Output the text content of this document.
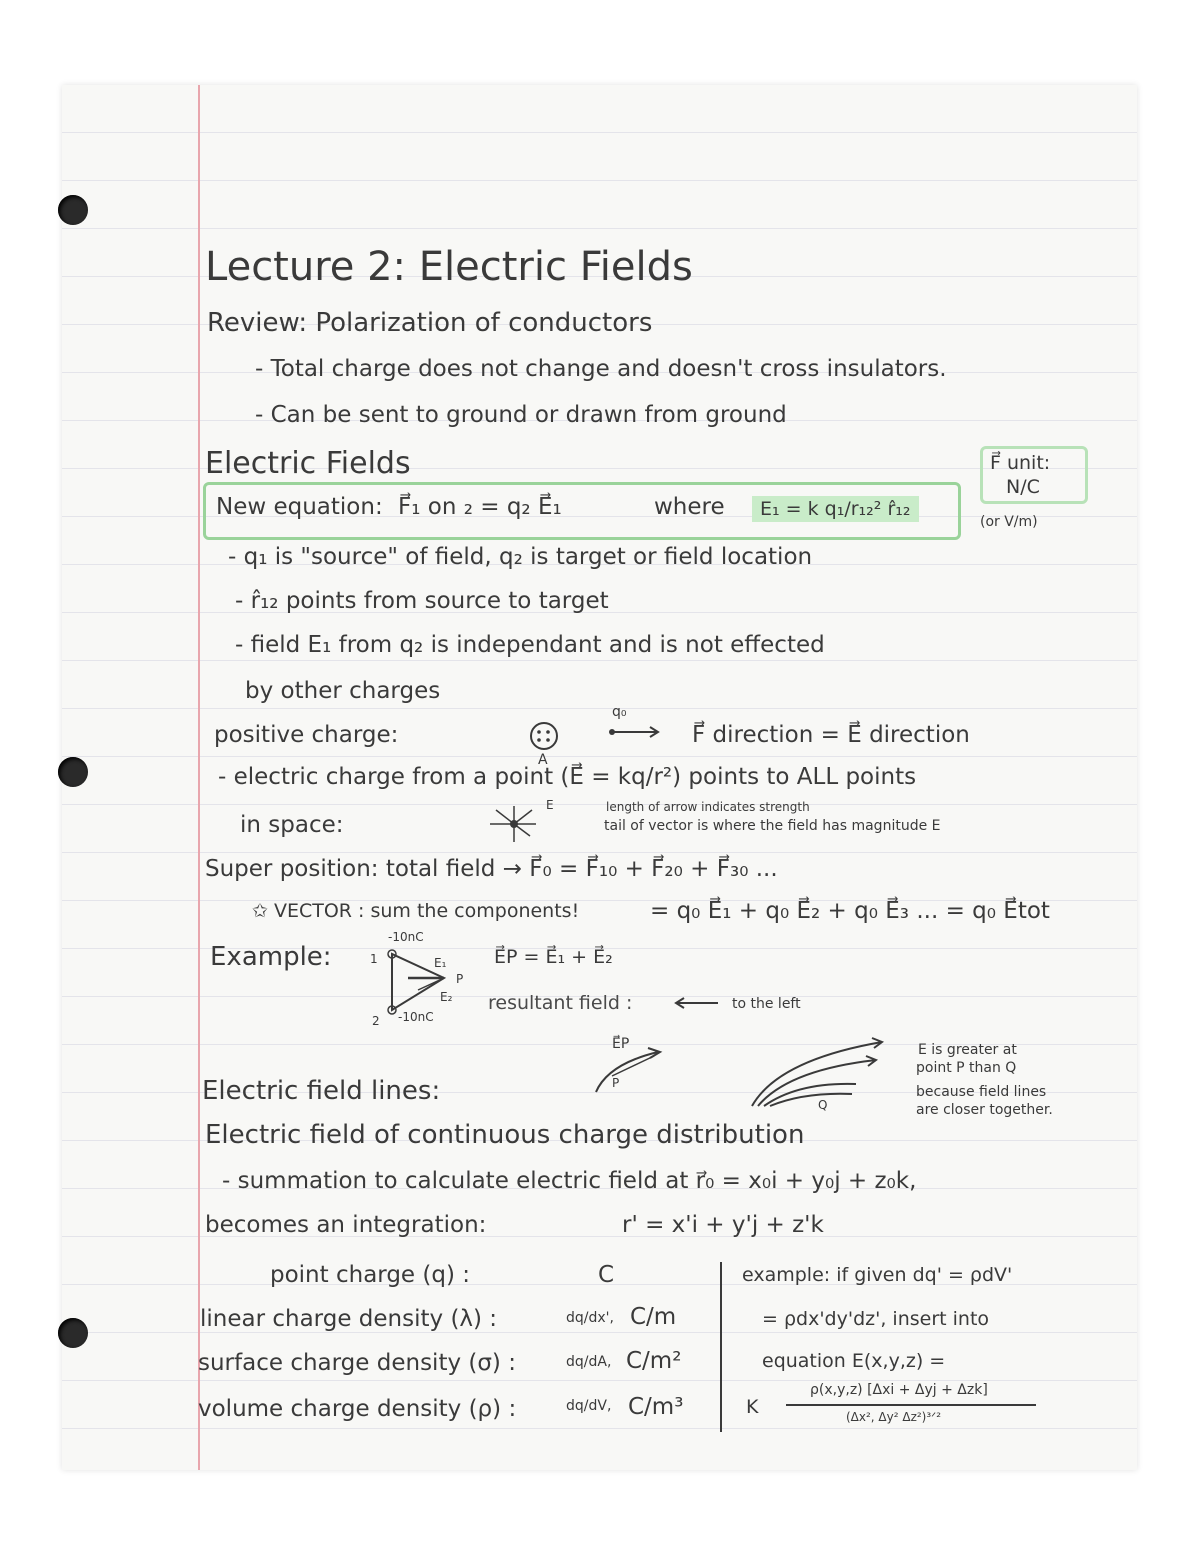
Lecture 2: Electric Fields
Review: Polarization of conductors
- Total charge does not change and doesn't cross insulators.
- Can be sent to ground or drawn from ground
Electric Fields
New equation: F⃗₁ on ₂ = q₂ E⃗₁	where	E₁ = k q₁/r₁₂² r̂₁₂
F⃗ unit:
N/C
(or V/m)
- q₁ is "source" of field, q₂ is target or field location
- r̂₁₂ points from source to target
- field E₁ from q₂ is independant and is not effected
by other charges
positive charge:
A
q₀
F⃗ direction = E⃗ direction
- electric charge from a point (E⃗ = kq/r²) points to ALL points
in space:
E	length of arrow indicates strength
tail of vector is where the field has magnitude E
Super position: total field → F⃗₀ = F⃗₁₀ + F⃗₂₀ + F⃗₃₀ ...
✩ VECTOR : sum the components!	= q₀ E⃗₁ + q₀ E⃗₂ + q₀ E⃗₃ ... = q₀ E⃗tot
Example:
-10nC
1	E₁
P
E₂
2 -10nC
E⃗P = E⃗₁ + E⃗₂
resultant field :	to the left
E⃗P
P
Q
E is greater at
point P than Q
because field lines
are closer together.
Electric field lines:
Electric field of continuous charge distribution
- summation to calculate electric field at r⃗₀ = x₀i + y₀j + z₀k,
becomes an integration:	r' = x'i + y'j + z'k
point charge (q) :	C
linear charge density (λ) :	dq/dx', C/m
surface charge density (σ) :	dq/dA, C/m²
volume charge density (ρ) :	dq/dV, C/m³
example: if given dq' = ρdV'
= ρdx'dy'dz', insert into
equation E(x,y,z) =
K
ρ(x,y,z) [Δxi + Δyj + Δzk]
(Δx², Δy² Δz²)³ᐟ²
